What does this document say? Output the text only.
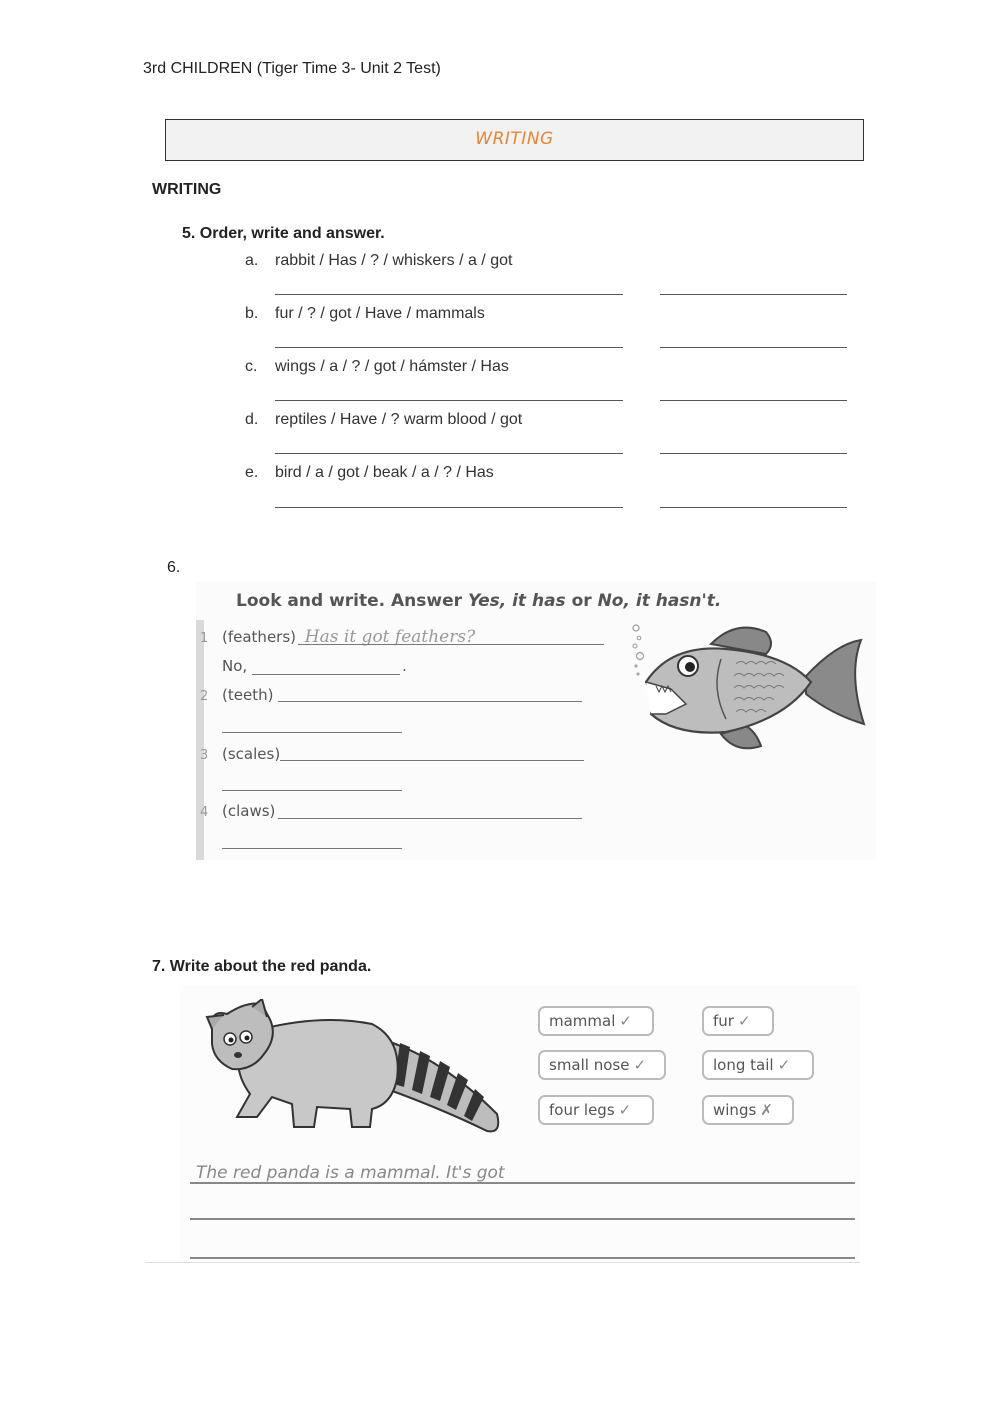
3rd CHILDREN (Tiger Time 3- Unit 2 Test)
WRITING
WRITING
5. Order, write and answer.
a. rabbit / Has / ? / whiskers / a / got
b. fur / ? / got / Have / mammals
c. wings / a / ? / got / hámster / Has
d. reptiles / Have / ? warm blood / got
e. bird / a / got / beak / a / ? / Has
6.
Look and write. Answer Yes, it has or No, it hasn't.
1 (feathers) Has it got feathers?
No,	.
2 (teeth)
3 (scales)
4 (claws)
7. Write about the red panda.
mammal ✓	fur ✓
small nose ✓	long tail ✓
four legs ✓	wings ✗
The red panda is a mammal. It's got
